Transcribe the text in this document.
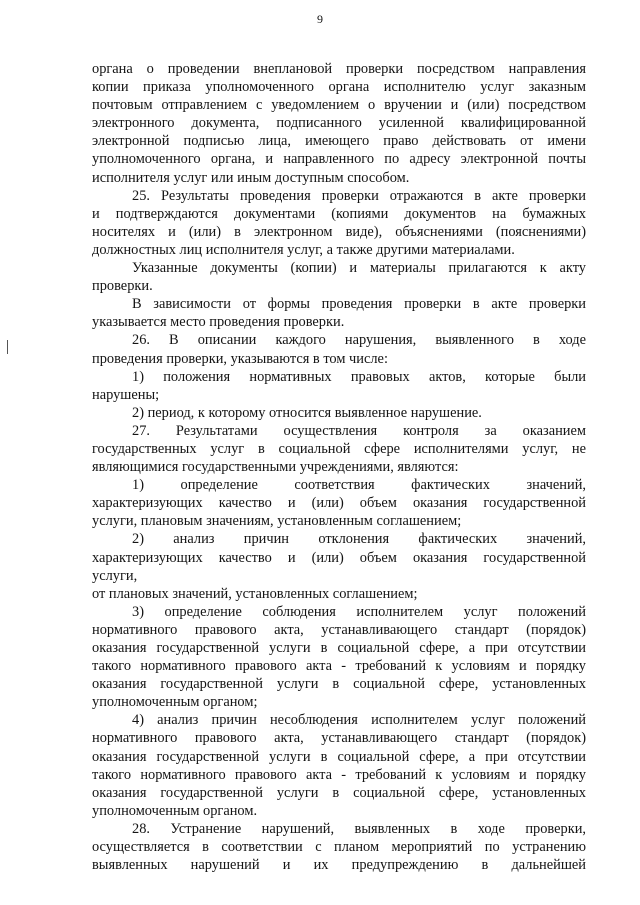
9
органа о проведении внеплановой проверки посредством направления
копии приказа уполномоченного органа исполнителю услуг заказным
почтовым отправлением с уведомлением о вручении и (или) посредством
электронного документа, подписанного усиленной квалифицированной
электронной подписью лица, имеющего право действовать от имени
уполномоченного органа, и направленного по адресу электронной почты
исполнителя услуг или иным доступным способом.
25. Результаты проведения проверки отражаются в акте проверки
и подтверждаются документами (копиями документов на бумажных
носителях и (или) в электронном виде), объяснениями (пояснениями)
должностных лиц исполнителя услуг, а также другими материалами.
Указанные документы (копии) и материалы прилагаются к акту
проверки.
В зависимости от формы проведения проверки в акте проверки
указывается место проведения проверки.
26. В описании каждого нарушения, выявленного в ходе
проведения проверки, указываются в том числе:
1) положения нормативных правовых актов, которые были
нарушены;
2) период, к которому относится выявленное нарушение.
27. Результатами осуществления контроля за оказанием
государственных услуг в социальной сфере исполнителями услуг, не
являющимися государственными учреждениями, являются:
1) определение соответствия фактических значений,
характеризующих качество и (или) объем оказания государственной
услуги, плановым значениям, установленным соглашением;
2) анализ причин отклонения фактических значений,
характеризующих качество и (или) объем оказания государственной
услуги,
от плановых значений, установленных соглашением;
3) определение соблюдения исполнителем услуг положений
нормативного правового акта, устанавливающего стандарт (порядок)
оказания государственной услуги в социальной сфере, а при отсутствии
такого нормативного правового акта - требований к условиям и порядку
оказания государственной услуги в социальной сфере, установленных
уполномоченным органом;
4) анализ причин несоблюдения исполнителем услуг положений
нормативного правового акта, устанавливающего стандарт (порядок)
оказания государственной услуги в социальной сфере, а при отсутствии
такого нормативного правового акта - требований к условиям и порядку
оказания государственной услуги в социальной сфере, установленных
уполномоченным органом.
28. Устранение нарушений, выявленных в ходе проверки,
осуществляется в соответствии с планом мероприятий по устранению
выявленных нарушений и их предупреждению в дальнейшей
